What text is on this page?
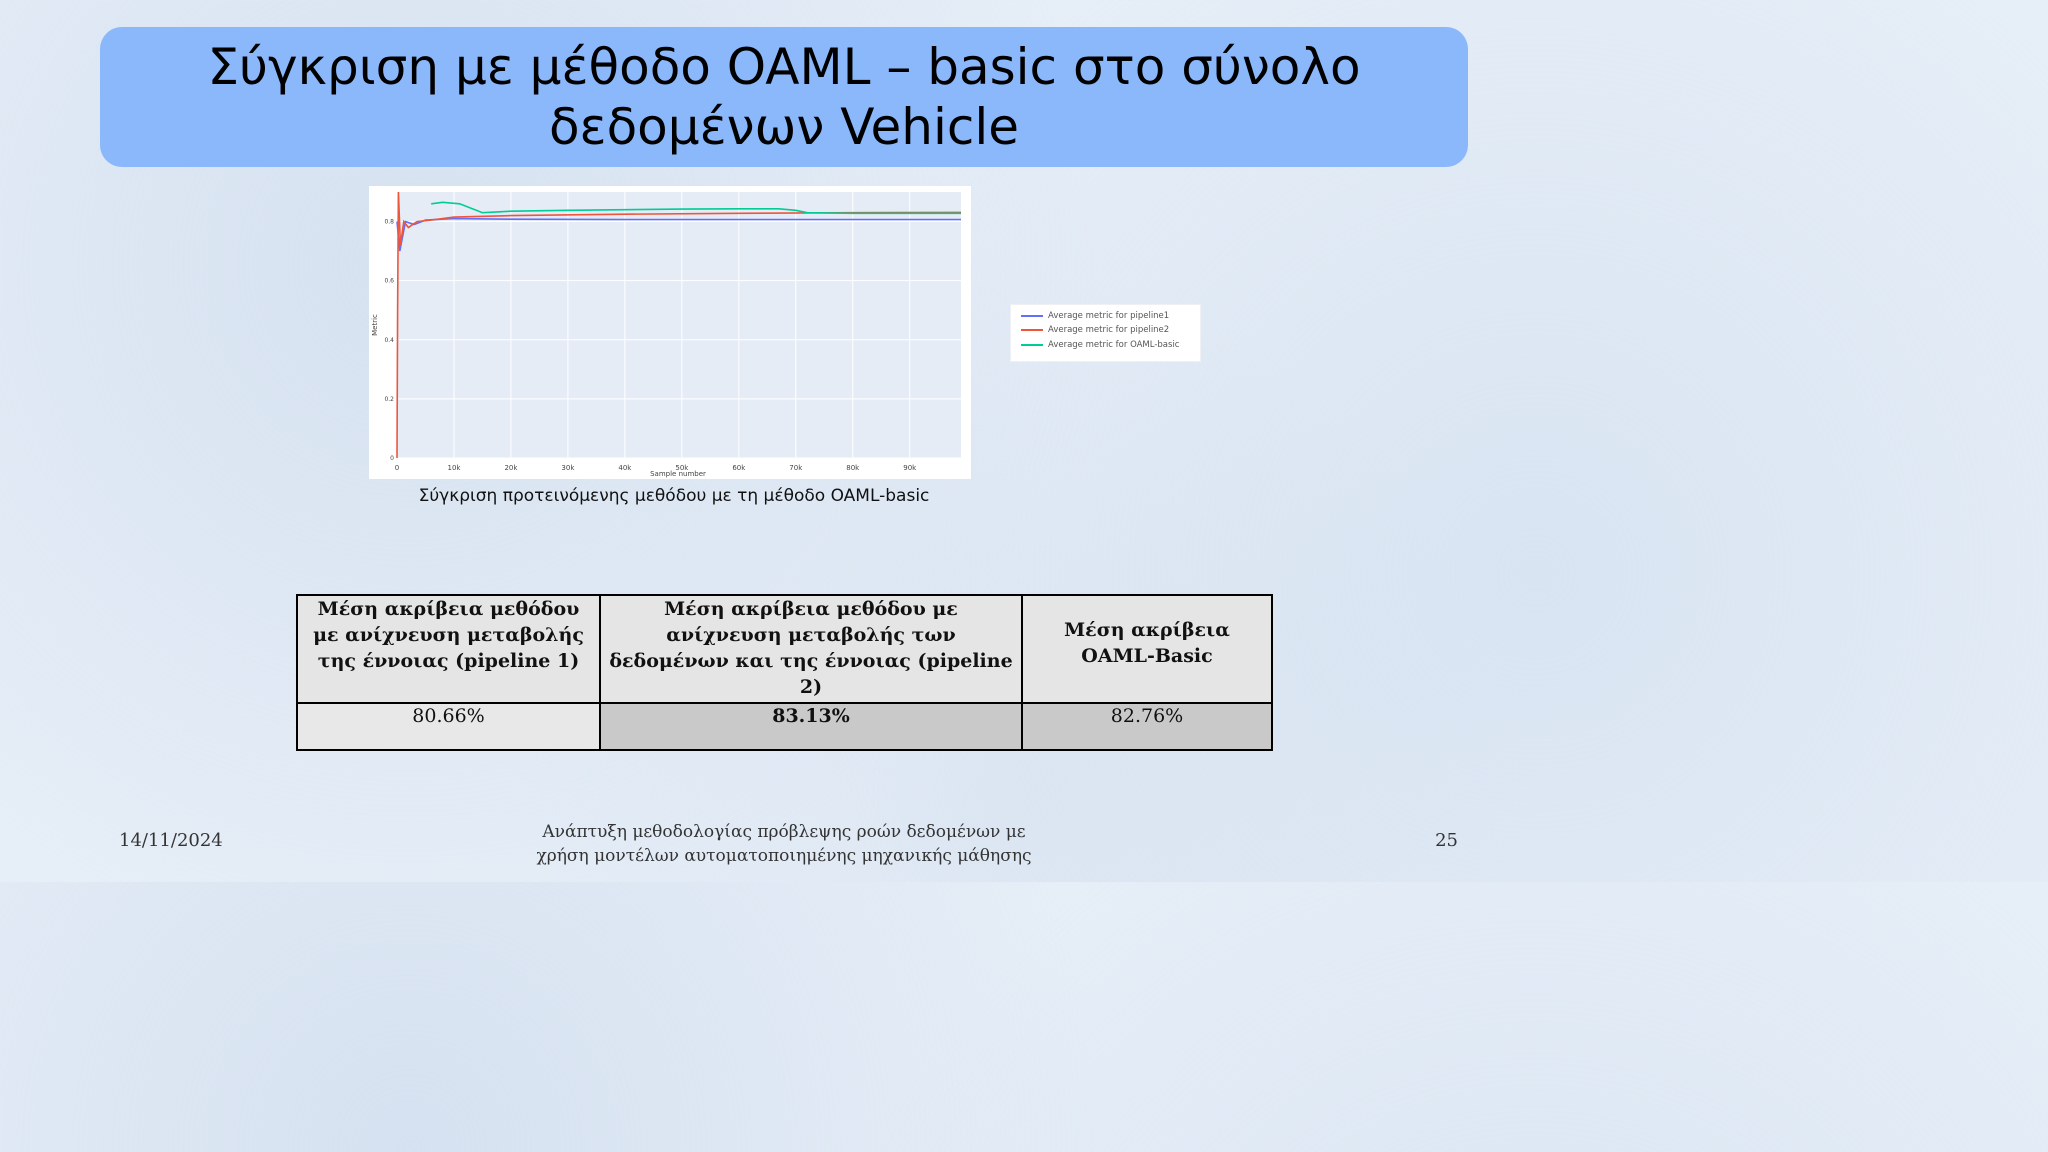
Σύγκριση με μέθοδο OAML – basic στο σύνολο
δεδομένων Vehicle
0	10k	20k	30k	40k	50k	60k	70k	80k	90k
0
0.2
0.4
0.6
0.8
Metric
Sample number
Average metric for pipeline1
Average metric for pipeline2
Average metric for OAML-basic
Σύγκριση προτεινόμενης μεθόδου με τη μέθοδο OAML-basic
Μέση ακρίβεια μεθόδου με ανίχνευση μεταβολής της έννοιας (pipeline 1)	Μέση ακρίβεια μεθόδου με ανίχνευση μεταβολής των δεδομένων και της έννοιας (pipeline 2)	Μέση ακρίβεια OAML-Basic
80.66%	83.13%	82.76%
14/11/2024	Ανάπτυξη μεθοδολογίας πρόβλεψης ροών δεδομένων με
χρήση μοντέλων αυτοματοποιημένης μηχανικής μάθησης
25
